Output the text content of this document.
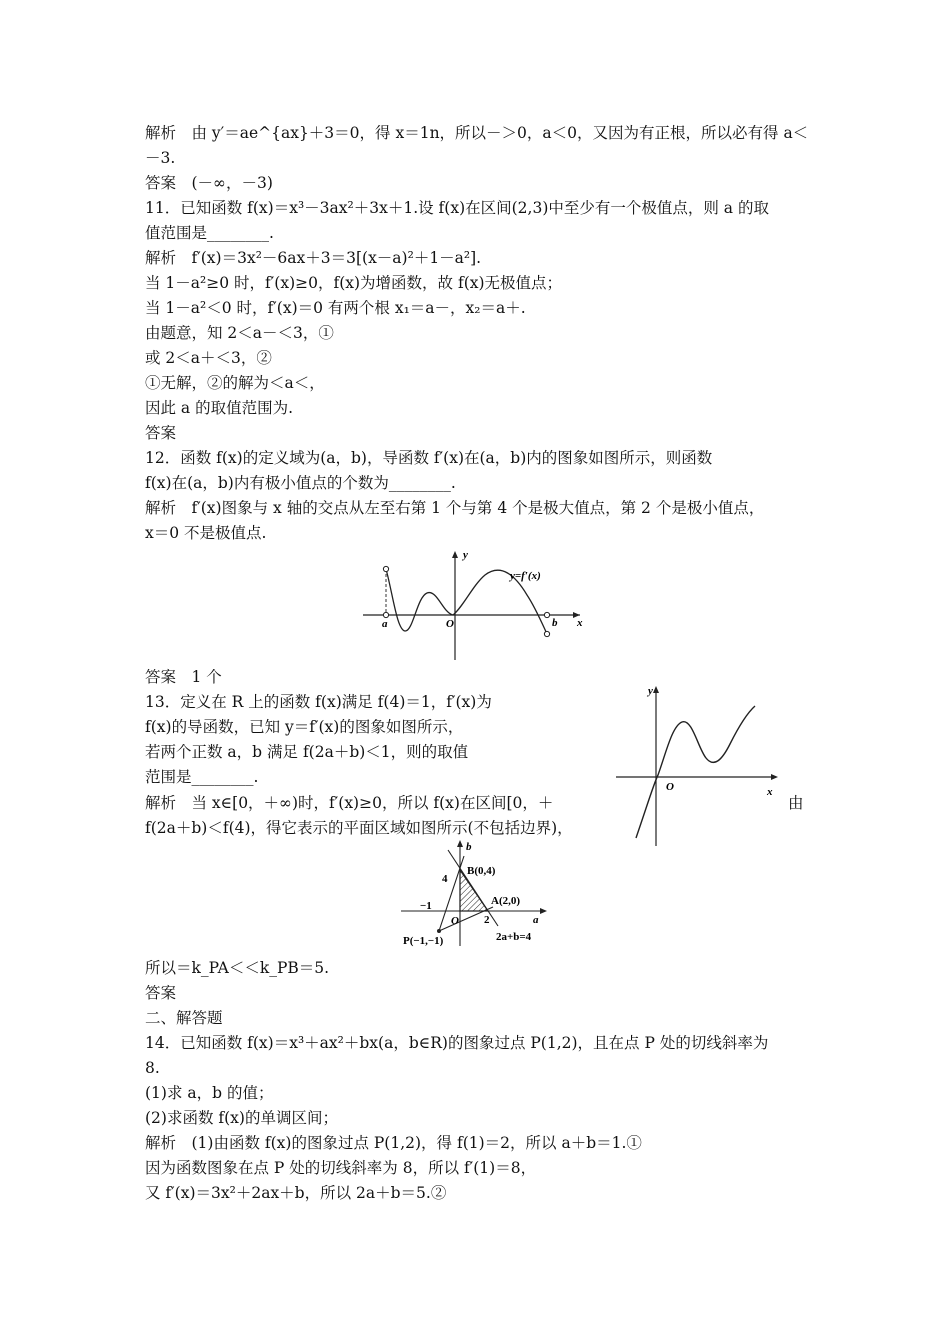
解析　由 y′＝ae^{ax}＋3＝0，得 x＝1n，所以－＞0，a＜0，又因为有正根，所以必有得 a＜
－3.
答案　(－∞，－3)
11．已知函数 f(x)＝x³－3ax²＋3x＋1.设 f(x)在区间(2,3)中至少有一个极值点，则 a 的取
值范围是________.
解析　f′(x)＝3x²－6ax＋3＝3[(x－a)²＋1－a²].
当 1－a²≥0 时，f′(x)≥0，f(x)为增函数，故 f(x)无极值点；
当 1－a²＜0 时，f′(x)＝0 有两个根 x₁＝a－，x₂＝a＋.
由题意，知 2＜a－＜3，①
或 2＜a＋＜3，②
①无解，②的解为＜a＜，
因此 a 的取值范围为.
答案
12．函数 f(x)的定义域为(a，b)，导函数 f′(x)在(a，b)内的图象如图所示，则函数
f(x)在(a，b)内有极小值点的个数为________.
解析　f′(x)图象与 x 轴的交点从左至右第 1 个与第 4 个是极大值点，第 2 个是极小值点，
x＝0 不是极值点.
y
y=f′(x)
a	O	b x
答案　1 个
13．定义在 R 上的函数 f(x)满足 f(4)＝1，f′(x)为
f(x)的导函数，已知 y＝f′(x)的图象如图所示，
若两个正数 a，b 满足 f(2a＋b)＜1，则的取值
范围是________.
解析　当 x∈[0，＋∞)时，f′(x)≥0，所以 f(x)在区间[0，＋	由
f(2a＋b)＜f(4)，得它表示的平面区域如图所示(不包括边界)，
y
O	x
b
B(0,4)
4
A(2,0)
−1
O 2	a
P(−1,−1)	2a+b=4
所以＝k_PA＜＜k_PB＝5.
答案
二、解答题
14．已知函数 f(x)＝x³＋ax²＋bx(a，b∈R)的图象过点 P(1,2)，且在点 P 处的切线斜率为
8.
(1)求 a，b 的值；
(2)求函数 f(x)的单调区间；
解析　(1)由函数 f(x)的图象过点 P(1,2)，得 f(1)＝2，所以 a＋b＝1.①
因为函数图象在点 P 处的切线斜率为 8，所以 f′(1)＝8，
又 f′(x)＝3x²＋2ax＋b，所以 2a＋b＝5.②
